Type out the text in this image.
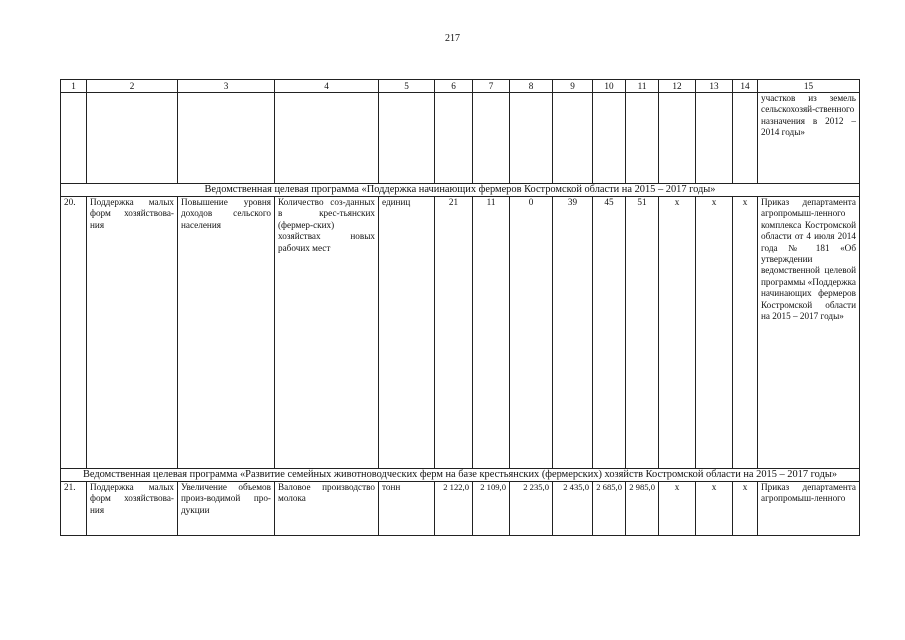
217
1	2	3	4	5	6	7	8	9	10	11	12	13	14	15
														участков из земель сельскохозяй-ственного назначения в 2012 – 2014 годы»
Ведомственная целевая программа «Поддержка начинающих фермеров Костромской области на 2015 – 2017 годы»														
20.	Поддержка малых форм хозяйствова-ния	Повышение уровня доходов сельского населения	Количество соз-данных в крес-тьянских (фермер-ских) хозяйствах новых рабочих мест	единиц	21	11	0	39	45	51	х	х	х	Приказ департамента агропромыш-ленного комплекса Костромской области от 4 июля 2014 года № 181 «Об утверждении ведомственной целевой программы «Поддержка начинающих фермеров Костромской области на 2015 – 2017 годы»
Ведомственная целевая программа «Развитие семейных животноводческих ферм на базе крестьянских (фермерских) хозяйств Костромской области на 2015 – 2017 годы»														
21.	Поддержка малых форм хозяйствова-ния	Увеличение объемов произ-водимой про-дукции	Валовое производство молока	тонн	2 122,0	2 109,0	2 235,0	2 435,0	2 685,0	2 985,0	х	х	х	Приказ департамента агропромыш-ленного
